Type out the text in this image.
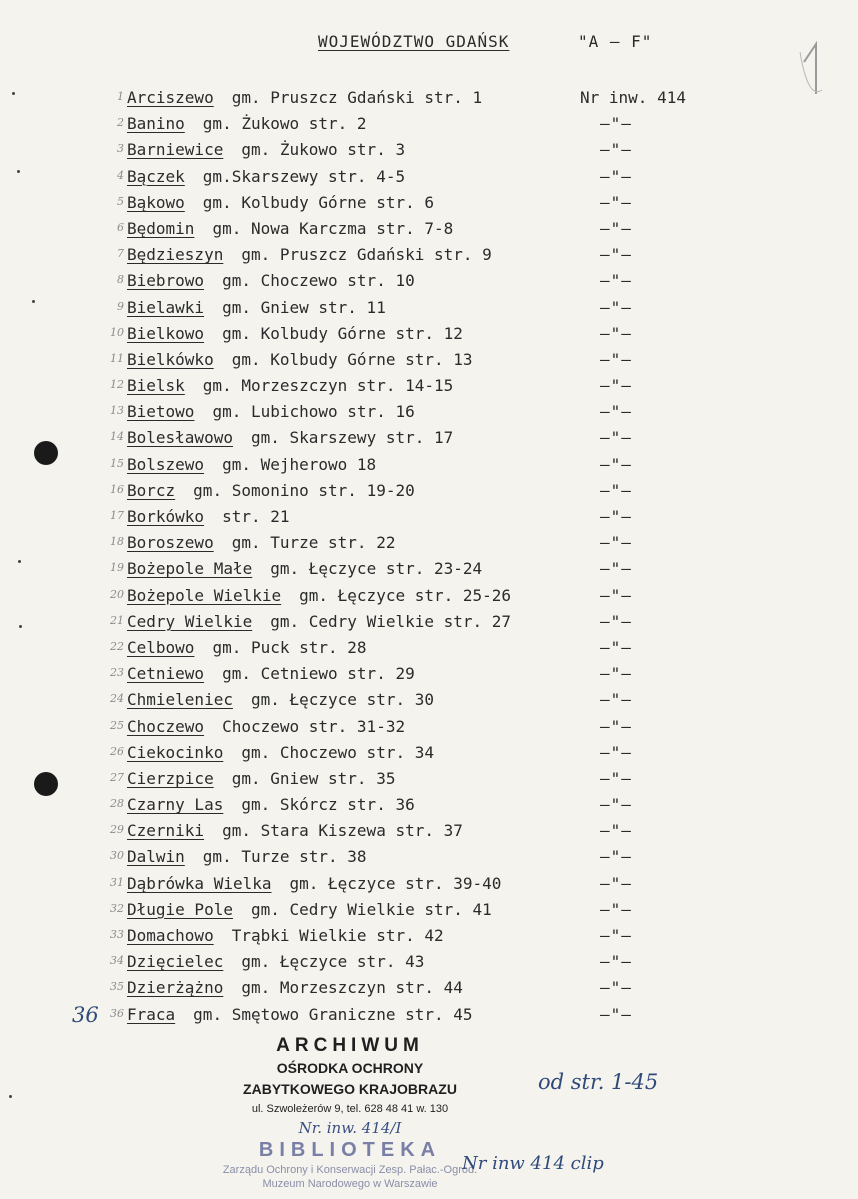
WOJEWÓDZTWO GDAŃSK	"A – F"
1 Arciszewo gm. Pruszcz Gdański str. 1	Nr inw. 414
2 Banino gm. Żukowo str. 2	–"–
3 Barniewice gm. Żukowo str. 3	–"–
4 Bączek gm.Skarszewy str. 4-5	–"–
5 Bąkowo gm. Kolbudy Górne str. 6	–"–
6 Będomin gm. Nowa Karczma str. 7-8	–"–
7 Będzieszyn gm. Pruszcz Gdański str. 9	–"–
8 Biebrowo gm. Choczewo str. 10	–"–
9 Bielawki gm. Gniew str. 11	–"–
10 Bielkowo gm. Kolbudy Górne str. 12	–"–
11 Bielkówko gm. Kolbudy Górne str. 13	–"–
12 Bielsk gm. Morzeszczyn str. 14-15	–"–
13 Bietowo gm. Lubichowo str. 16	–"–
14 Bolesławowo gm. Skarszewy str. 17	–"–
15 Bolszewo gm. Wejherowo 18	–"–
16 Borcz gm. Somonino str. 19-20	–"–
17 Borkówko str. 21	–"–
18 Boroszewo gm. Turze str. 22	–"–
19 Bożepole Małe gm. Łęczyce str. 23-24	–"–
20 Bożepole Wielkie gm. Łęczyce str. 25-26	–"–
21 Cedry Wielkie gm. Cedry Wielkie str. 27	–"–
22 Celbowo gm. Puck str. 28	–"–
23 Cetniewo gm. Cetniewo str. 29	–"–
24 Chmieleniec gm. Łęczyce str. 30	–"–
25 Choczewo Choczewo str. 31-32	–"–
26 Ciekocinko gm. Choczewo str. 34	–"–
27 Cierzpice gm. Gniew str. 35	–"–
28 Czarny Las gm. Skórcz str. 36	–"–
29 Czerniki gm. Stara Kiszewa str. 37	–"–
30 Dalwin gm. Turze str. 38	–"–
31 Dąbrówka Wielka gm. Łęczyce str. 39-40	–"–
32 Długie Pole gm. Cedry Wielkie str. 41	–"–
33 Domachowo Trąbki Wielkie str. 42	–"–
34 Dzięcielec gm. Łęczyce str. 43	–"–
35 Dzierżążno gm. Morzeszczyn str. 44	–"–
36 Fraca gm. Smętowo Graniczne str. 45	–"–
36
ARCHIWUM
OŚRODKA OCHRONY
ZABYTKOWEGO KRAJOBRAZU
ul. Szwoleżerów 9, tel. 628 48 41 w. 130
Nr. inw. 414/I
BIBLIOTEKA
Zarządu Ochrony i Konserwacji Zesp. Pałac.-Ogrod.
Muzeum Narodowego w Warszawie
od str. 1-45
Nr inw 414 clip
